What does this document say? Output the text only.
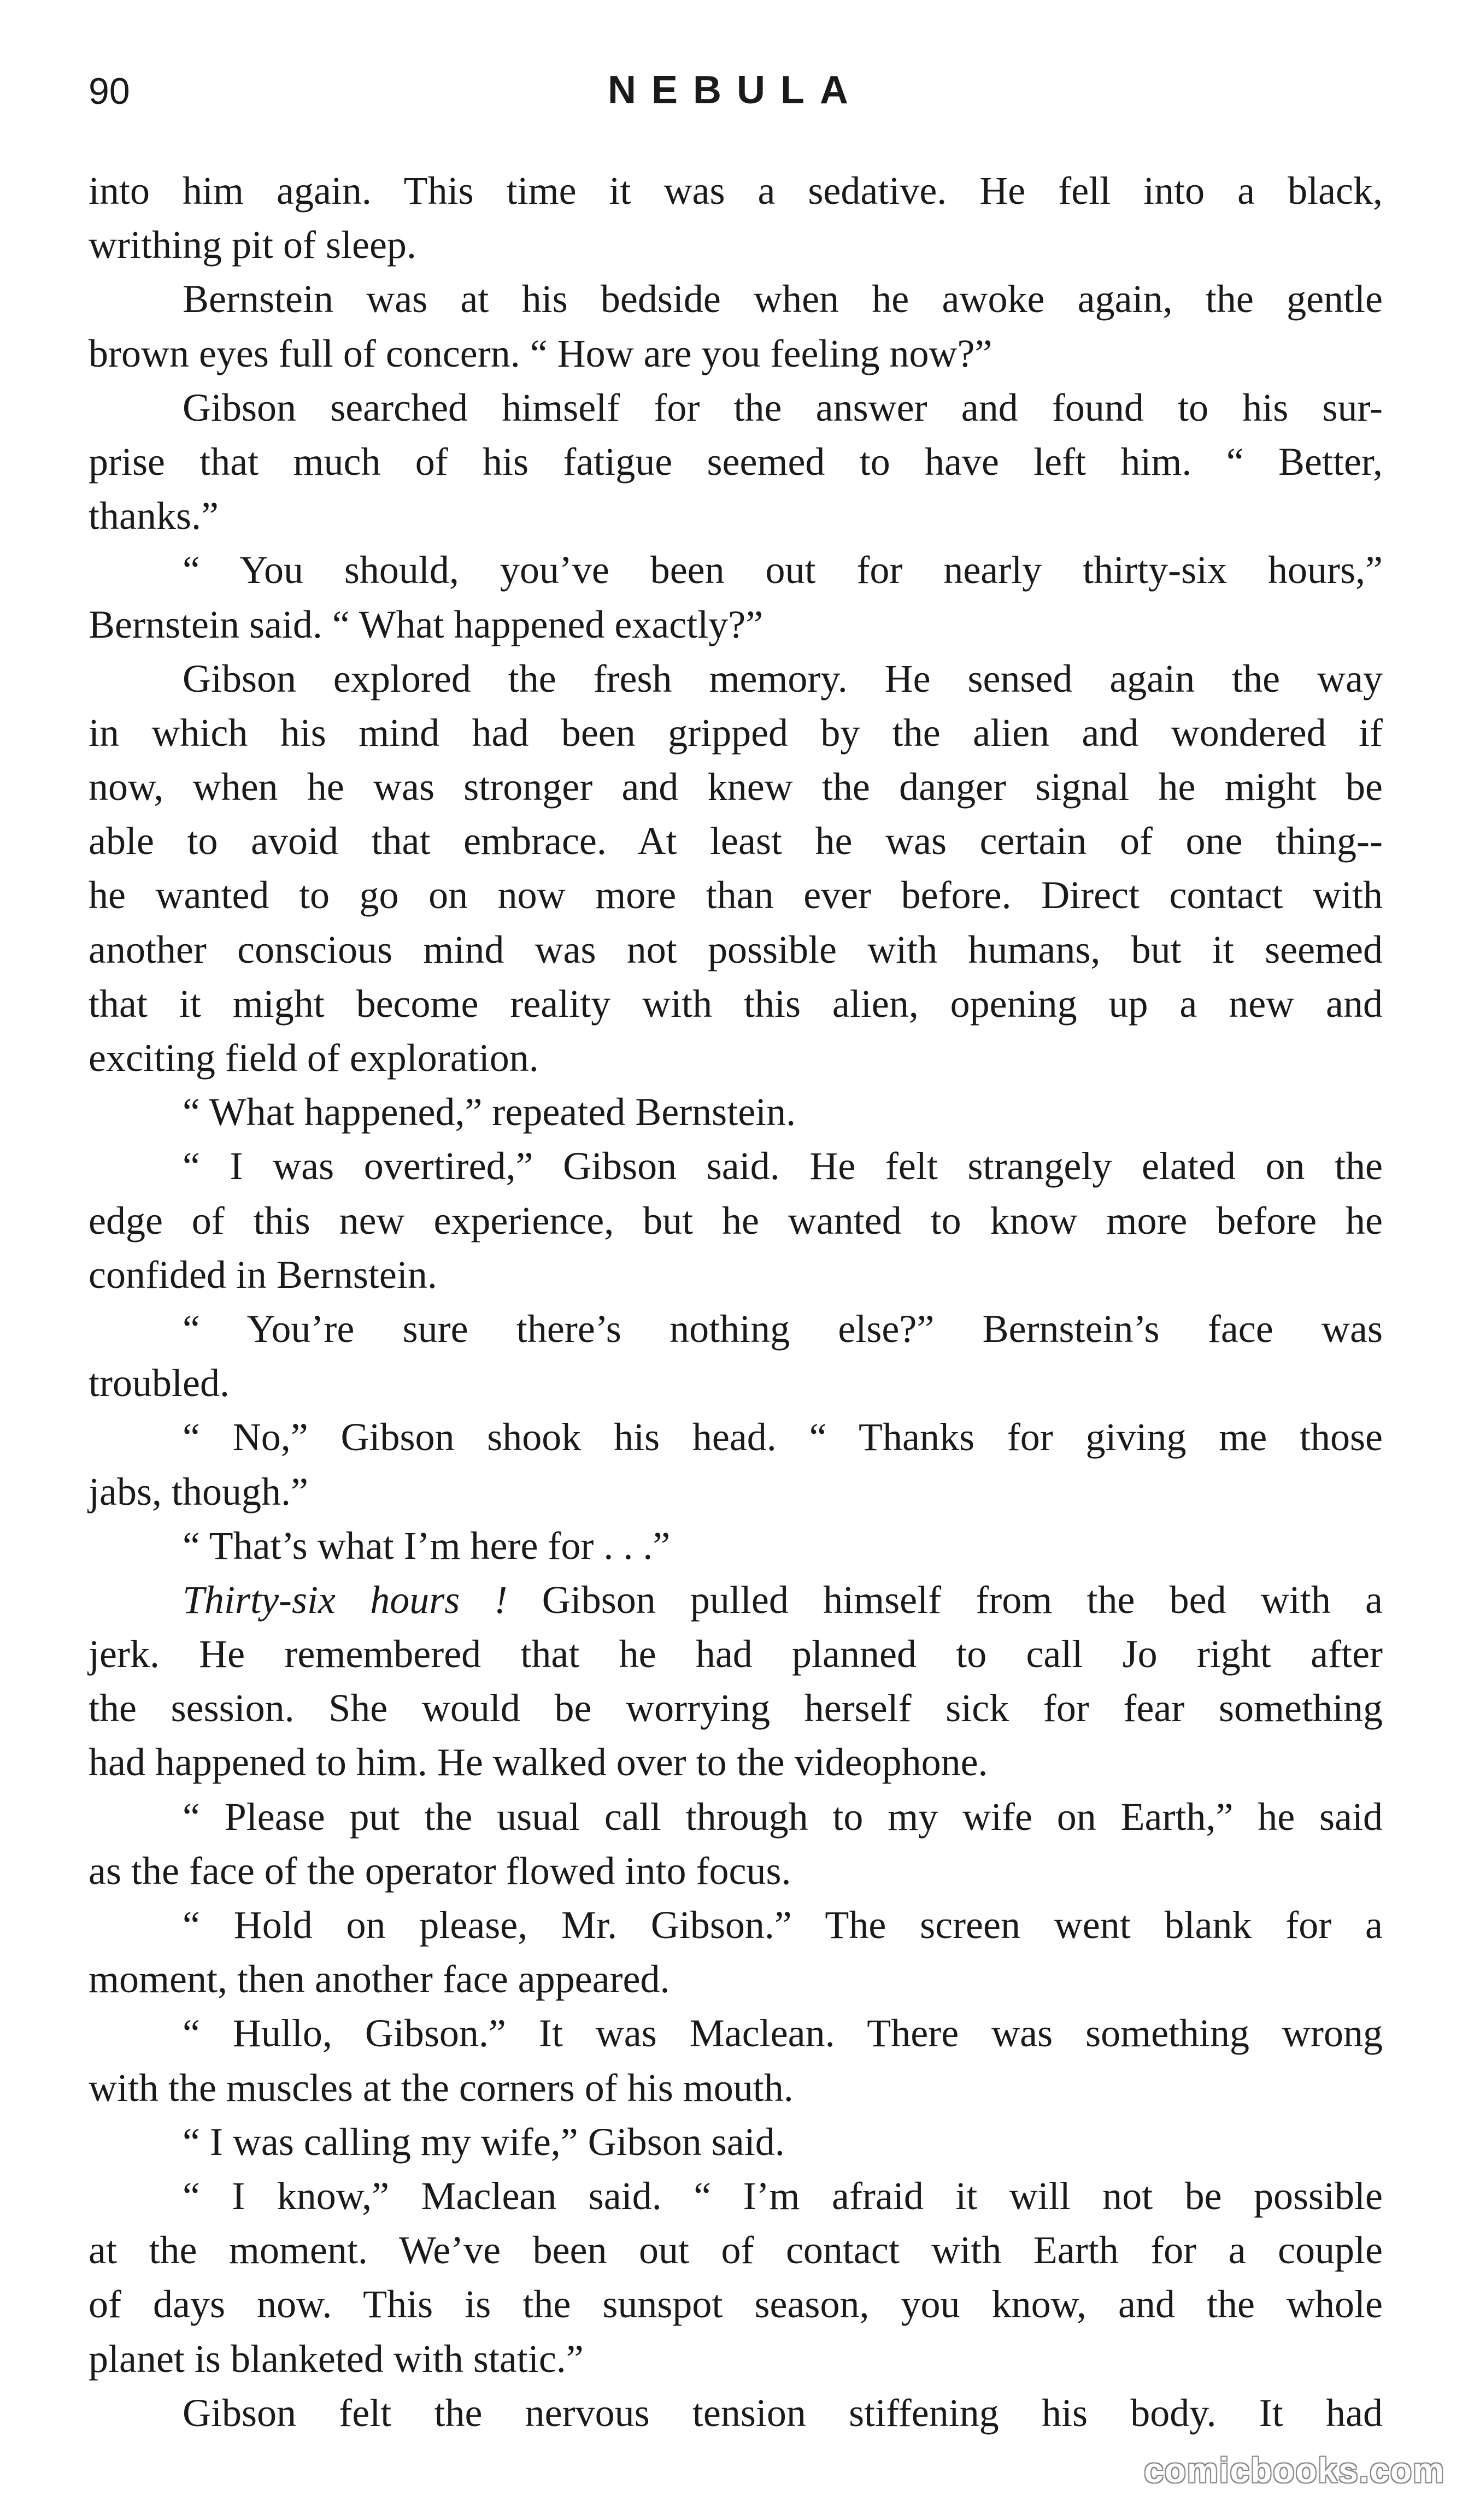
90	NEBULA
into him again. This time it was a sedative. He fell into a black,
writhing pit of sleep.
Bernstein was at his bedside when he awoke again, the gentle
brown eyes full of concern. “ How are you feeling now?”
Gibson searched himself for the answer and found to his sur-
prise that much of his fatigue seemed to have left him. “ Better,
thanks.”
“ You should, you’ve been out for nearly thirty-six hours,”
Bernstein said. “ What happened exactly?”
Gibson explored the fresh memory. He sensed again the way
in which his mind had been gripped by the alien and wondered if
now, when he was stronger and knew the danger signal he might be
able to avoid that embrace. At least he was certain of one thing--
he wanted to go on now more than ever before. Direct contact with
another conscious mind was not possible with humans, but it seemed
that it might become reality with this alien, opening up a new and
exciting field of exploration.
“ What happened,” repeated Bernstein.
“ I was overtired,” Gibson said. He felt strangely elated on the
edge of this new experience, but he wanted to know more before he
confided in Bernstein.
“ You’re sure there’s nothing else?” Bernstein’s face was
troubled.
“ No,” Gibson shook his head. “ Thanks for giving me those
jabs, though.”
“ That’s what I’m here for . . .”
Thirty-six hours ! Gibson pulled himself from the bed with a
jerk. He remembered that he had planned to call Jo right after
the session. She would be worrying herself sick for fear something
had happened to him. He walked over to the videophone.
“ Please put the usual call through to my wife on Earth,” he said
as the face of the operator flowed into focus.
“ Hold on please, Mr. Gibson.” The screen went blank for a
moment, then another face appeared.
“ Hullo, Gibson.” It was Maclean. There was something wrong
with the muscles at the corners of his mouth.
“ I was calling my wife,” Gibson said.
“ I know,” Maclean said. “ I’m afraid it will not be possible
at the moment. We’ve been out of contact with Earth for a couple
of days now. This is the sunspot season, you know, and the whole
planet is blanketed with static.”
Gibson felt the nervous tension stiffening his body. It had
comicbooks.com
